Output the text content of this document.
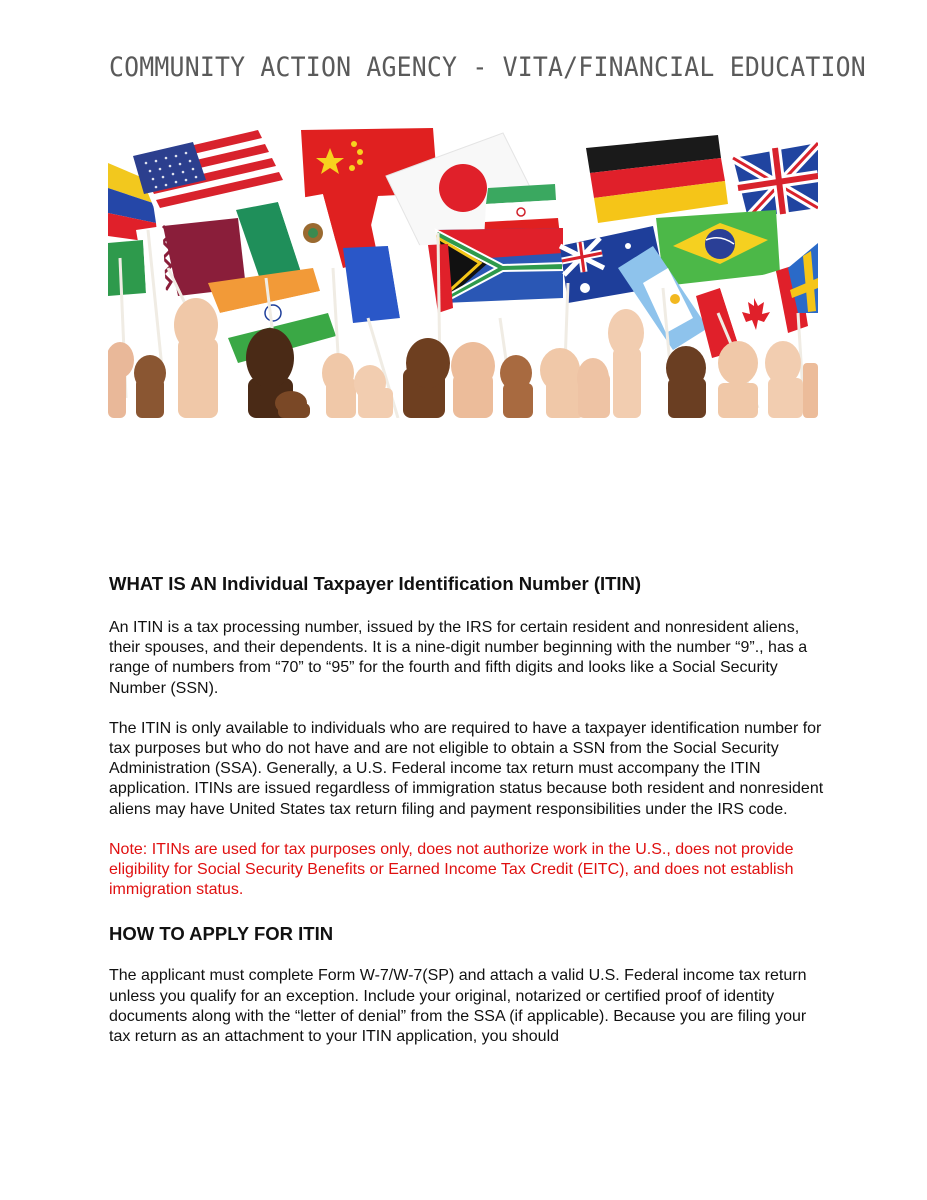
COMMUNITY ACTION AGENCY - VITA/FINANCIAL EDUCATION
WHAT IS AN Individual Taxpayer Identification Number (ITIN)

An ITIN is a tax processing number, issued by the IRS for certain resident and nonresident aliens, their spouses, and their dependents. It is a nine-digit number beginning with the number “9”., has a range of numbers from “70” to “95” for the fourth and fifth digits and looks like a Social Security Number (SSN).

The ITIN is only available to individuals who are required to have a taxpayer identification number for tax purposes but who do not have and are not eligible to obtain a SSN from the Social Security Administration (SSA). Generally, a U.S. Federal income tax return must accompany the ITIN application. ITINs are issued regardless of immigration status because both resident and nonresident aliens may have United States tax return filing and payment responsibilities under the IRS code.

Note: ITINs are used for tax purposes only, does not authorize work in the U.S., does not provide eligibility for Social Security Benefits or Earned Income Tax Credit (EITC), and does not establish immigration status.

HOW TO APPLY FOR ITIN

The applicant must complete Form W-7/W-7(SP) and attach a valid U.S. Federal income tax return unless you qualify for an exception. Include your original, notarized or certified proof of identity documents along with the “letter of denial” from the SSA (if applicable). Because you are filing your tax return as an attachment to your ITIN application, you should
